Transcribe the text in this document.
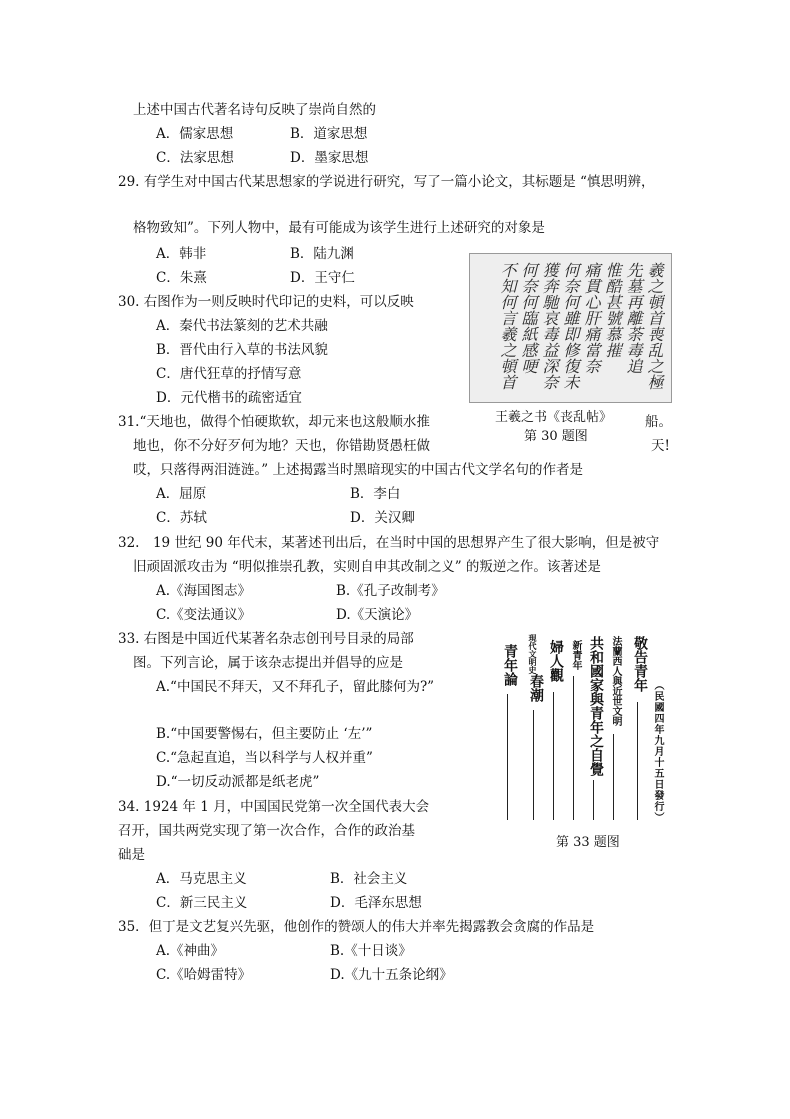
上述中国古代著名诗句反映了崇尚自然的
A．儒家思想	B．道家思想
C．法家思想	D．墨家思想
29. 有学生对中国古代某思想家的学说进行研究，写了一篇小论文，其标题是 “慎思明辨，
格物致知”。下列人物中，最有可能成为该学生进行上述研究的对象是
A．韩非	B．陆九渊
C．朱熹	D．王守仁
30. 右图作为一则反映时代印记的史料，可以反映
A．秦代书法篆刻的艺术共融
B．晋代由行入草的书法风貌
C．唐代狂草的抒情写意
D．元代楷书的疏密适宜
羲之頓首喪乱之極
先墓再離荼毒追
惟酷甚號慕摧
痛貫心肝痛當奈
何奈何雖即修復未
獲奔馳哀毒益深奈
何奈何臨紙感哽
不知何言羲之頓首
王羲之书《丧乱帖》
第 30 题图
31.“天地也，做得个怕硬欺软，却元来也这般顺水推	船。
地也，你不分好歹何为地？天也，你错勘贤愚枉做	天!
哎，只落得两泪涟涟。” 上述揭露当时黑暗现实的中国古代文学名句的作者是
A．屈原	B．李白
C．苏轼	D．关汉卿
32.　19 世纪 90 年代末，某著述刊出后，在当时中国的思想界产生了很大影响，但是被守
旧顽固派攻击为 “明似推崇孔教，实则自申其改制之义” 的叛逆之作。该著述是
A.《海国图志》	B.《孔子改制考》
C.《变法通议》	D.《天演论》
33. 右图是中国近代某著名杂志创刊号目录的局部
图。下列言论，属于该杂志提出并倡导的应是
A.“中国民不拜天，又不拜孔子，留此膝何为?”
B.“中国要警惕右，但主要防止 ‘左’”
C.“急起直追，当以科学与人权并重”
D.“一切反动派都是纸老虎”	（民國四年九月十五日發行）
敬告青年
法蘭西人與近世文明
共和國家與青年之自覺
新青年
婦人觀
春潮
現代文明史
青年論
第 33 题图
34. 1924 年 1 月，中国国民党第一次全国代表大会
召开，国共两党实现了第一次合作，合作的政治基
础是
A．马克思主义	B．社会主义
C．新三民主义	D．毛泽东思想
35．但丁是文艺复兴先驱，他创作的赞颂人的伟大并率先揭露教会贪腐的作品是
A.《神曲》	B.《十日谈》
C.《哈姆雷特》	D.《九十五条论纲》
